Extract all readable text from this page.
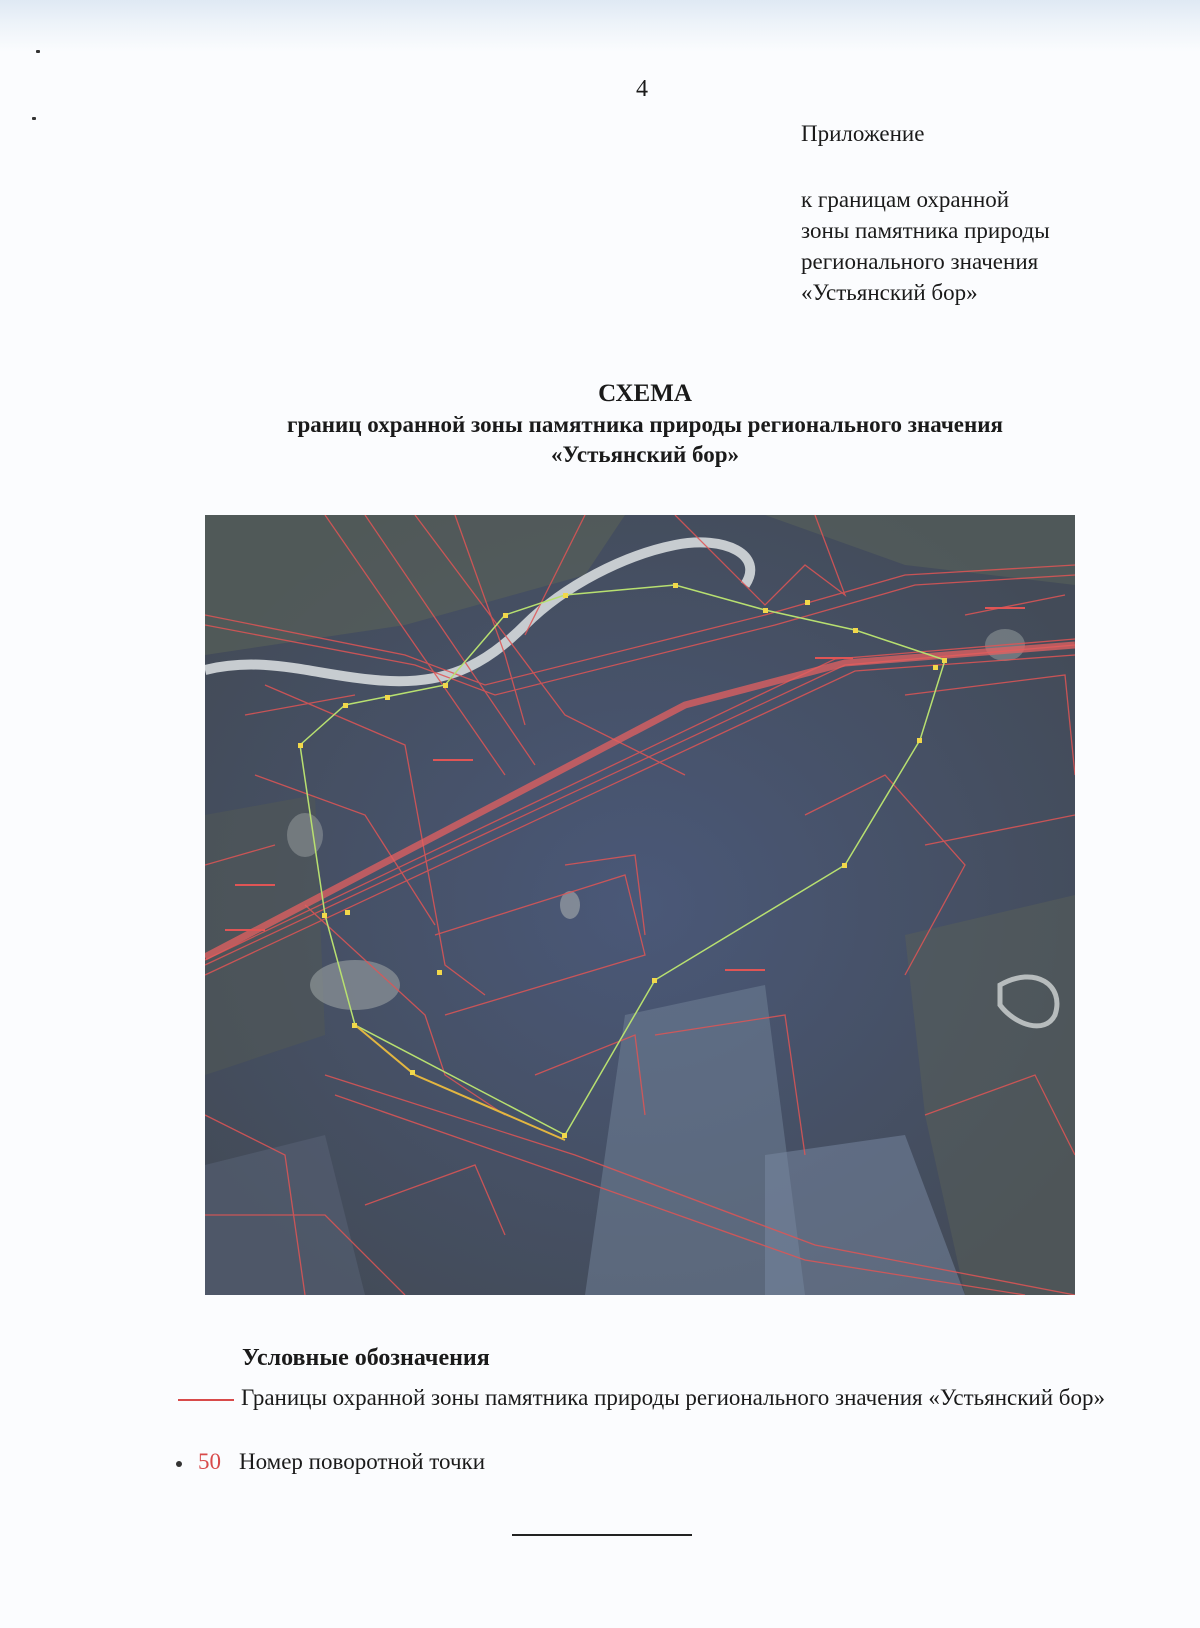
4
Приложение
к границам охранной
зоны памятника природы
регионального значения
«Устьянский бор»
СХЕМА
границ охранной зоны памятника природы регионального значения
«Устьянский бор»
Условные обозначения
Границы охранной зоны памятника природы регионального значения «Устьянский бор»
50 Номер поворотной точки
